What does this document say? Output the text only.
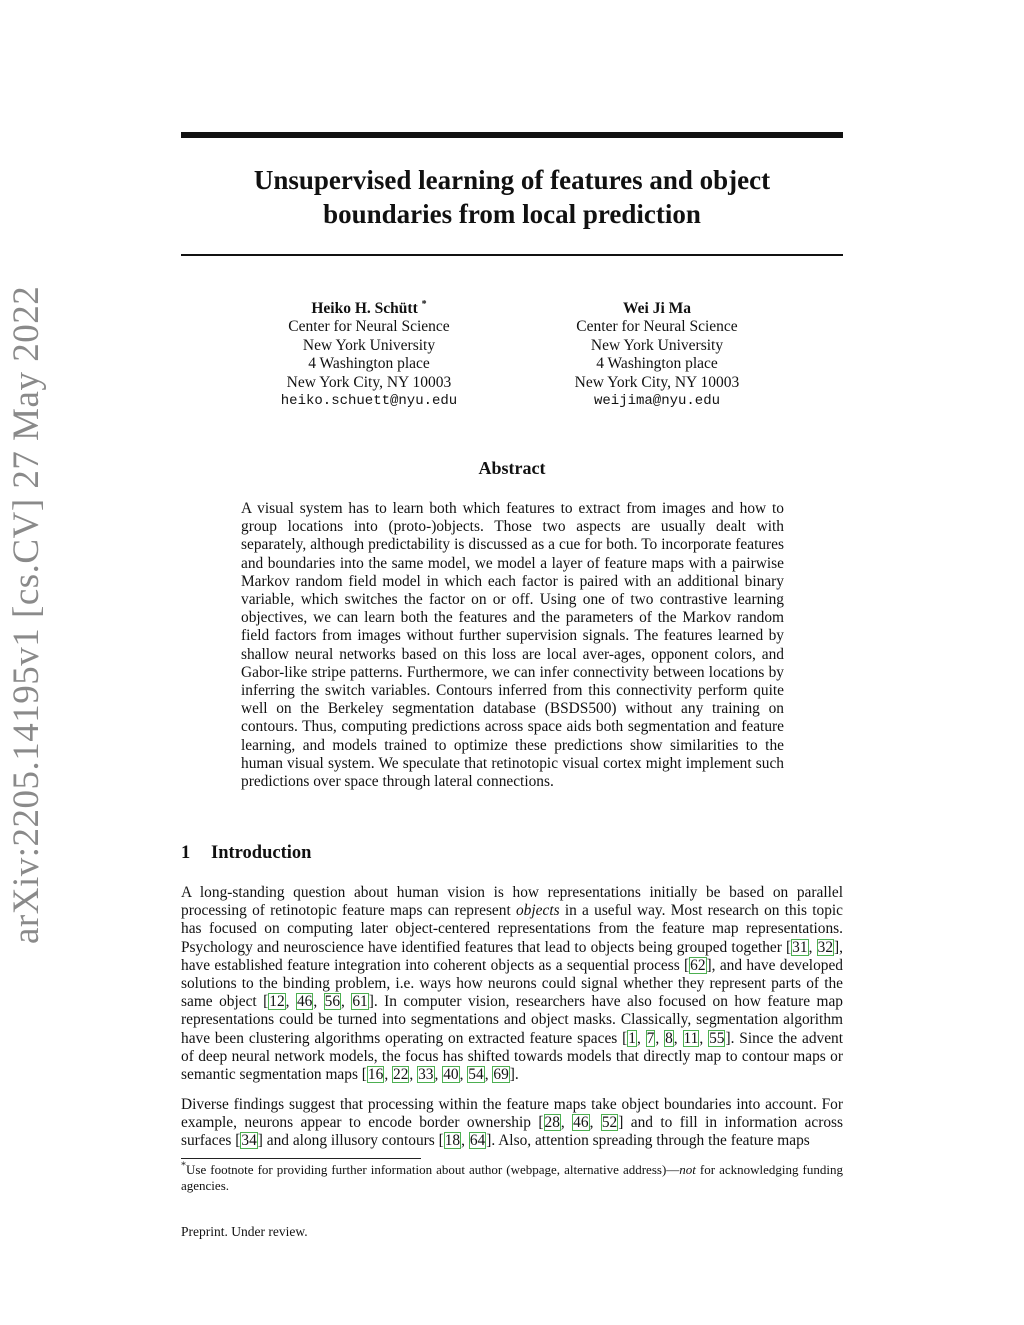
arXiv:2205.14195v1 [cs.CV] 27 May 2022
Unsupervised learning of features and object
boundaries from local prediction
Heiko H. Schütt *
Center for Neural Science
New York University
4 Washington place
New York City, NY 10003
heiko.schuett@nyu.edu
Wei Ji Ma
Center for Neural Science
New York University
4 Washington place
New York City, NY 10003
weijima@nyu.edu
Abstract
A visual system has to learn both which features to extract from images and how to group locations into (proto-)objects. Those two aspects are usually dealt with separately, although predictability is discussed as a cue for both. To incorporate features and boundaries into the same model, we model a layer of feature maps with a pairwise Markov random field model in which each factor is paired with an additional binary variable, which switches the factor on or off. Using one of two contrastive learning objectives, we can learn both the features and the parameters of the Markov random field factors from images without further supervision signals. The features learned by shallow neural networks based on this loss are local aver-ages, opponent colors, and Gabor-like stripe patterns. Furthermore, we can infer connectivity between locations by inferring the switch variables. Contours inferred from this connectivity perform quite well on the Berkeley segmentation database (BSDS500) without any training on contours. Thus, computing predictions across space aids both segmentation and feature learning, and models trained to optimize these predictions show similarities to the human visual system. We speculate that retinotopic visual cortex might implement such predictions over space through lateral connections.
1 Introduction
A long-standing question about human vision is how representations initially be based on parallel processing of retinotopic feature maps can represent objects in a useful way. Most research on this topic has focused on computing later object-centered representations from the feature map representations. Psychology and neuroscience have identified features that lead to objects being grouped together [31, 32], have established feature integration into coherent objects as a sequential process [62], and have developed solutions to the binding problem, i.e. ways how neurons could signal whether they represent parts of the same object [12, 46, 56, 61]. In computer vision, researchers have also focused on how feature map representations could be turned into segmentations and object masks. Classically, segmentation algorithm have been clustering algorithms operating on extracted feature spaces [1, 7, 8, 11, 55]. Since the advent of deep neural network models, the focus has shifted towards models that directly map to contour maps or semantic segmentation maps [16, 22, 33, 40, 54, 69].
Diverse findings suggest that processing within the feature maps take object boundaries into account. For example, neurons appear to encode border ownership [28, 46, 52] and to fill in information across surfaces [34] and along illusory contours [18, 64]. Also, attention spreading through the feature maps
*Use footnote for providing further information about author (webpage, alternative address)—not for acknowledging funding agencies.
Preprint. Under review.
